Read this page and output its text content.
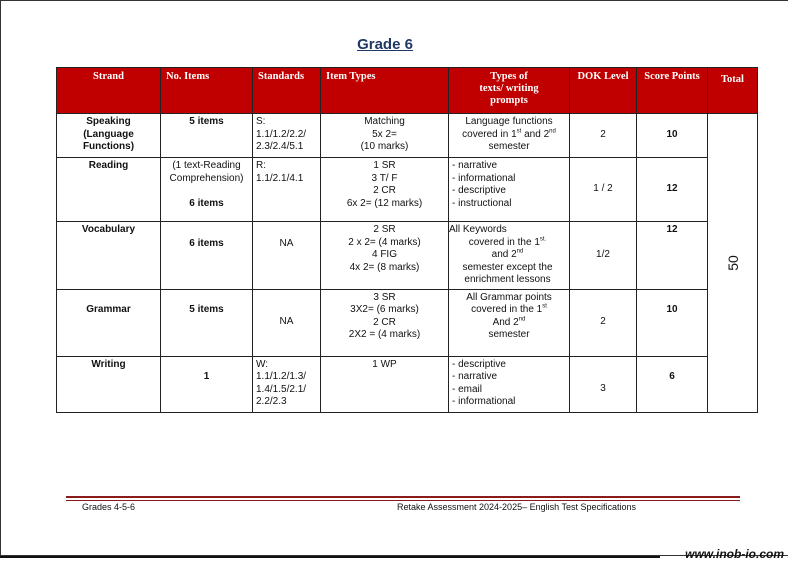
Grade 6
Strand	No. Items	Standards	Item Types	Types of
texts/ writing
prompts	DOK Level	Score Points	Total

Speaking
(Language
Functions)	5 items	S:
1.1/1.2/2.2/
2.3/2.4/5.1	Matching
5x 2=
(10 marks)	Language functions
covered in 1st and 2nd
semester	2	10	50

Reading	(1 text-Reading
Comprehension)

6 items	R:
1.1/2.1/4.1	1 SR
3 T/ F
2 CR
6x 2= (12 marks)	- narrative
- informational
- descriptive
- instructional	1 / 2	12	

Vocabulary	6 items	NA	2 SR
2 x 2= (4 marks)
4 FIG
4x 2= (8 marks)	All Keywords
covered in the $1^{st.}$
and 2nd
semester except the
enrichment lessons	1/2	12	
Grammar	5 items	NA	3 SR
3X2= (6 marks)
2 CR
2X2 = (4 marks)	All Grammar points
covered in the 1st
And 2nd
semester	2	10	
Writing	1	W:
1.1/1.2/1.3/
1.4/1.5/2.1/
2.2/2.3	1 WP	- descriptive
- narrative
- email
- informational	3	6	
Grades 4-5-6	Retake Assessment 2024-2025– English Test Specifications
www.inob-io.com
